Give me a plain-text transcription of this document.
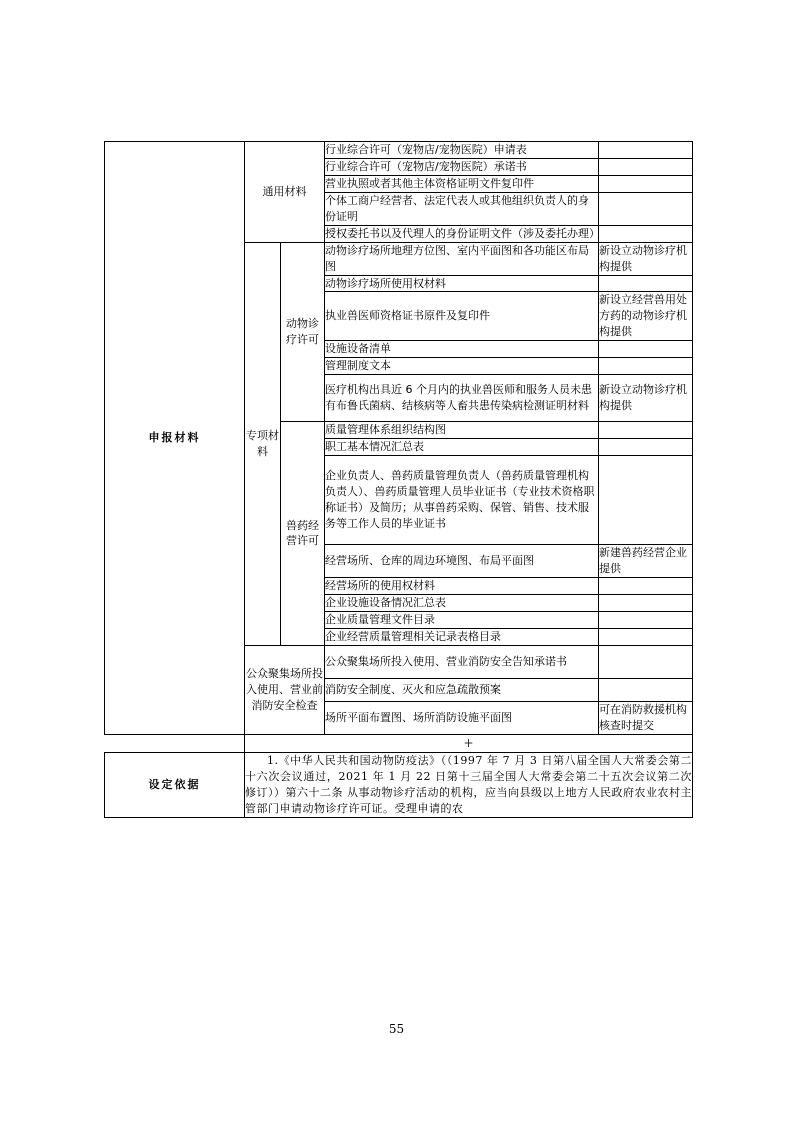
申报材料	通用材料		行业综合许可（宠物店/宠物医院）申请表	
			行业综合许可（宠物店/宠物医院）承诺书	
			营业执照或者其他主体资格证明文件复印件	
			个体工商户经营者、法定代表人或其他组织负责人的身份证明	
			授权委托书以及代理人的身份证明文件（涉及委托办理）	
	专项材料	动物诊疗许可	动物诊疗场所地理方位图、室内平面图和各功能区布局图	新设立动物诊疗机构提供
			动物诊疗场所使用权材料	
			执业兽医师资格证书原件及复印件	新设立经营兽用处方药的动物诊疗机构提供
			设施设备清单	
			管理制度文本	
			医疗机构出具近 6 个月内的执业兽医师和服务人员未患有布鲁氏菌病、结核病等人畜共患传染病检测证明材料	新设立动物诊疗机构提供
		兽药经营许可	质量管理体系组织结构图	
			职工基本情况汇总表	
			企业负责人、兽药质量管理负责人（兽药质量管理机构负责人）、兽药质量管理人员毕业证书（专业技术资格职称证书）及简历；从事兽药采购、保管、销售、技术服务等工作人员的毕业证书	
			经营场所、仓库的周边环境图、布局平面图	新建兽药经营企业提供
			经营场所的使用权材料	
			企业设施设备情况汇总表	
			企业质量管理文件目录	
			企业经营质量管理相关记录表格目录	
	公众聚集场所投入使用、营业前消防安全检查		公众聚集场所投入使用、营业消防安全告知承诺书	
			消防安全制度、灭火和应急疏散预案	
			场所平面布置图、场所消防设施平面图	可在消防救援机构核查时提交
	+			
设定依据	1.《中华人民共和国动物防疫法》（（1997 年 7 月 3 日第八届全国人大常委会第二十六次会议通过，2021 年 1 月 22 日第十三届全国人大常委会第二十五次会议第二次修订））第六十二条 从事动物诊疗活动的机构，应当向县级以上地方人民政府农业农村主管部门申请动物诊疗许可证。受理申请的农			
55
